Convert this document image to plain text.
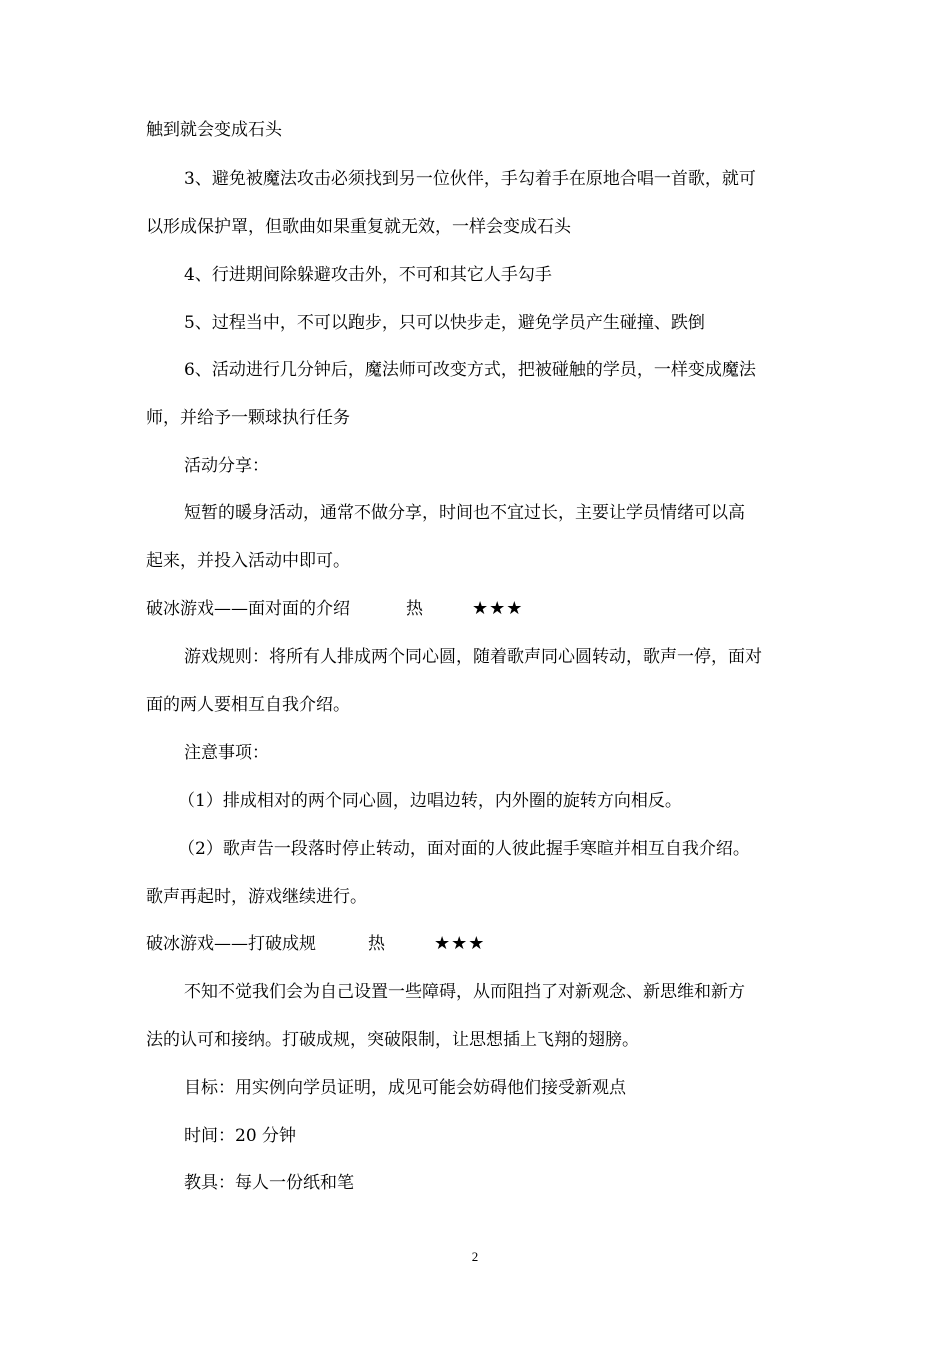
触到就会变成石头
3、避免被魔法攻击必须找到另一位伙伴，手勾着手在原地合唱一首歌，就可
以形成保护罩，但歌曲如果重复就无效，一样会变成石头
4、行进期间除躲避攻击外，不可和其它人手勾手
5、过程当中，不可以跑步，只可以快步走，避免学员产生碰撞、跌倒
6、活动进行几分钟后，魔法师可改变方式，把被碰触的学员，一样变成魔法
师，并给予一颗球执行任务
活动分享：
短暂的暖身活动，通常不做分享，时间也不宜过长，主要让学员情绪可以高
起来，并投入活动中即可。
破冰游戏——面对面的介绍	热	★★★
游戏规则：将所有人排成两个同心圆，随着歌声同心圆转动，歌声一停，面对
面的两人要相互自我介绍。
注意事项：
（1）排成相对的两个同心圆，边唱边转，内外圈的旋转方向相反。
（2）歌声告一段落时停止转动，面对面的人彼此握手寒暄并相互自我介绍。
歌声再起时，游戏继续进行。
破冰游戏——打破成规	热	★★★
不知不觉我们会为自己设置一些障碍，从而阻挡了对新观念、新思维和新方
法的认可和接纳。打破成规，突破限制，让思想插上飞翔的翅膀。
目标：用实例向学员证明，成见可能会妨碍他们接受新观点
时间：20 分钟
教具：每人一份纸和笔
2
